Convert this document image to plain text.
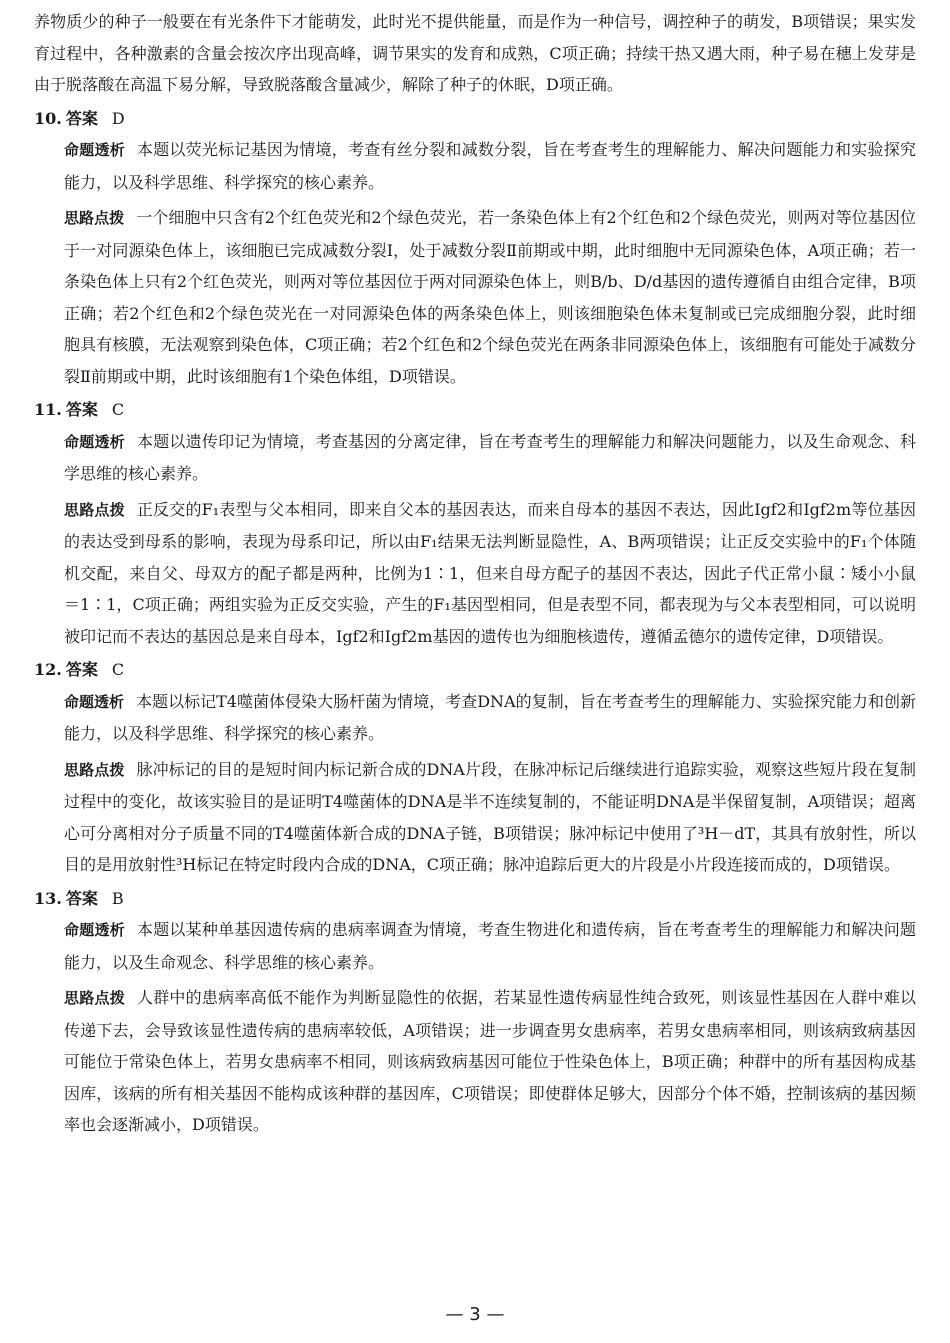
养物质少的种子一般要在有光条件下才能萌发，此时光不提供能量，而是作为一种信号，调控种子的萌发，B项错误；果实发育过程中，各种激素的含量会按次序出现高峰，调节果实的发育和成熟，C项正确；持续干热又遇大雨，种子易在穗上发芽是由于脱落酸在高温下易分解，导致脱落酸含量减少，解除了种子的休眠，D项正确。

10. 答案 D

命题透析 本题以荧光标记基因为情境，考查有丝分裂和减数分裂，旨在考查考生的理解能力、解决问题能力和实验探究能力，以及科学思维、科学探究的核心素养。

思路点拨 一个细胞中只含有2个红色荧光和2个绿色荧光，若一条染色体上有2个红色和2个绿色荧光，则两对等位基因位于一对同源染色体上，该细胞已完成减数分裂Ⅰ，处于减数分裂Ⅱ前期或中期，此时细胞中无同源染色体，A项正确；若一条染色体上只有2个红色荧光，则两对等位基因位于两对同源染色体上，则B/b、D/d基因的遗传遵循自由组合定律，B项正确；若2个红色和2个绿色荧光在一对同源染色体的两条染色体上，则该细胞染色体未复制或已完成细胞分裂，此时细胞具有核膜，无法观察到染色体，C项正确；若2个红色和2个绿色荧光在两条非同源染色体上，该细胞有可能处于减数分裂Ⅱ前期或中期，此时该细胞有1个染色体组，D项错误。

11. 答案 C

命题透析 本题以遗传印记为情境，考查基因的分离定律，旨在考查考生的理解能力和解决问题能力，以及生命观念、科学思维的核心素养。

思路点拨 正反交的F₁表型与父本相同，即来自父本的基因表达，而来自母本的基因不表达，因此Igf2和Igf2m等位基因的表达受到母系的影响，表现为母系印记，所以由F₁结果无法判断显隐性，A、B两项错误；让正反交实验中的F₁个体随机交配，来自父、母双方的配子都是两种，比例为1∶1，但来自母方配子的基因不表达，因此子代正常小鼠∶矮小小鼠＝1∶1，C项正确；两组实验为正反交实验，产生的F₁基因型相同，但是表型不同，都表现为与父本表型相同，可以说明被印记而不表达的基因总是来自母本，Igf2和Igf2m基因的遗传也为细胞核遗传，遵循孟德尔的遗传定律，D项错误。

12. 答案 C

命题透析 本题以标记T4噬菌体侵染大肠杆菌为情境，考查DNA的复制，旨在考查考生的理解能力、实验探究能力和创新能力，以及科学思维、科学探究的核心素养。

思路点拨 脉冲标记的目的是短时间内标记新合成的DNA片段，在脉冲标记后继续进行追踪实验，观察这些短片段在复制过程中的变化，故该实验目的是证明T4噬菌体的DNA是半不连续复制的，不能证明DNA是半保留复制，A项错误；超离心可分离相对分子质量不同的T4噬菌体新合成的DNA子链，B项错误；脉冲标记中使用了³H－dT，其具有放射性，所以目的是用放射性³H标记在特定时段内合成的DNA，C项正确；脉冲追踪后更大的片段是小片段连接而成的，D项错误。

13. 答案 B

命题透析 本题以某种单基因遗传病的患病率调查为情境，考查生物进化和遗传病，旨在考查考生的理解能力和解决问题能力，以及生命观念、科学思维的核心素养。

思路点拨 人群中的患病率高低不能作为判断显隐性的依据，若某显性遗传病显性纯合致死，则该显性基因在人群中难以传递下去，会导致该显性遗传病的患病率较低，A项错误；进一步调查男女患病率，若男女患病率相同，则该病致病基因可能位于常染色体上，若男女患病率不相同，则该病致病基因可能位于性染色体上，B项正确；种群中的所有基因构成基因库，该病的所有相关基因不能构成该种群的基因库，C项错误；即使群体足够大，因部分个体不婚，控制该病的基因频率也会逐渐减小，D项错误。

— 3 —
